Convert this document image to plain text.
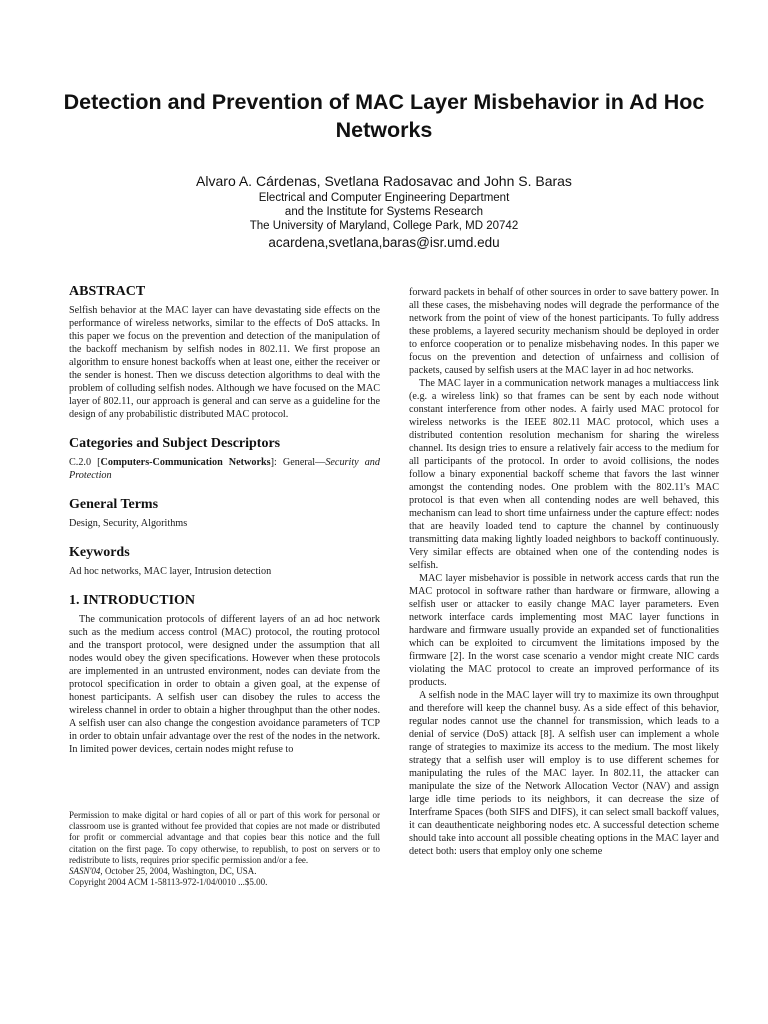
Detection and Prevention of MAC Layer Misbehavior in Ad Hoc Networks
Alvaro A. Cárdenas, Svetlana Radosavac and John S. Baras
Electrical and Computer Engineering Department
and the Institute for Systems Research
The University of Maryland, College Park, MD 20742
acardena,svetlana,baras@isr.umd.edu
ABSTRACT

Selfish behavior at the MAC layer can have devastating side effects on the performance of wireless networks, similar to the effects of DoS attacks. In this paper we focus on the prevention and detection of the manipulation of the backoff mechanism by selfish nodes in 802.11. We first propose an algorithm to ensure honest backoffs when at least one, either the receiver or the sender is honest. Then we discuss detection algorithms to deal with the problem of colluding selfish nodes. Although we have focused on the MAC layer of 802.11, our approach is general and can serve as a guideline for the design of any probabilistic distributed MAC protocol.

Categories and Subject Descriptors

C.2.0 [Computers-Communication Networks]: General—Security and Protection

General Terms

Design, Security, Algorithms

Keywords

Ad hoc networks, MAC layer, Intrusion detection

1. INTRODUCTION

The communication protocols of different layers of an ad hoc network such as the medium access control (MAC) protocol, the routing protocol and the transport protocol, were designed under the assumption that all nodes would obey the given specifications. However when these protocols are implemented in an untrusted environment, nodes can deviate from the protocol specification in order to obtain a given goal, at the expense of honest participants. A selfish user can disobey the rules to access the wireless channel in order to obtain a higher throughput than the other nodes. A selfish user can also change the congestion avoidance parameters of TCP in order to obtain unfair advantage over the rest of the nodes in the network. In limited power devices, certain nodes might refuse to

Permission to make digital or hard copies of all or part of this work for personal or classroom use is granted without fee provided that copies are not made or distributed for profit or commercial advantage and that copies bear this notice and the full citation on the first page. To copy otherwise, to republish, to post on servers or to redistribute to lists, requires prior specific permission and/or a fee.

SASN'04, October 25, 2004, Washington, DC, USA.

Copyright 2004 ACM 1-58113-972-1/04/0010 ...$5.00.

forward packets in behalf of other sources in order to save battery power. In all these cases, the misbehaving nodes will degrade the performance of the network from the point of view of the honest participants. To fully address these problems, a layered security mechanism should be deployed in order to enforce cooperation or to penalize misbehaving nodes. In this paper we focus on the prevention and detection of unfairness and collision of packets, caused by selfish users at the MAC layer in ad hoc networks.

The MAC layer in a communication network manages a multiaccess link (e.g. a wireless link) so that frames can be sent by each node without constant interference from other nodes. A fairly used MAC protocol for wireless networks is the IEEE 802.11 MAC protocol, which uses a distributed contention resolution mechanism for sharing the wireless channel. Its design tries to ensure a relatively fair access to the medium for all participants of the protocol. In order to avoid collisions, the nodes follow a binary exponential backoff scheme that favors the last winner amongst the contending nodes. One problem with the 802.11's MAC protocol is that even when all contending nodes are well behaved, this mechanism can lead to short time unfairness under the capture effect: nodes that are heavily loaded tend to capture the channel by continuously transmitting data making lightly loaded neighbors to backoff continuously. Very similar effects are obtained when one of the contending nodes is selfish.

MAC layer misbehavior is possible in network access cards that run the MAC protocol in software rather than hardware or firmware, allowing a selfish user or attacker to easily change MAC layer parameters. Even network interface cards implementing most MAC layer functions in hardware and firmware usually provide an expanded set of functionalities which can be exploited to circumvent the limitations imposed by the firmware [2]. In the worst case scenario a vendor might create NIC cards violating the MAC protocol to create an improved performance of its products.

A selfish node in the MAC layer will try to maximize its own throughput and therefore will keep the channel busy. As a side effect of this behavior, regular nodes cannot use the channel for transmission, which leads to a denial of service (DoS) attack [8]. A selfish user can implement a whole range of strategies to maximize its access to the medium. The most likely strategy that a selfish user will employ is to use different schemes for manipulating the rules of the MAC layer. In 802.11, the attacker can manipulate the size of the Network Allocation Vector (NAV) and assign large idle time periods to its neighbors, it can decrease the size of Interframe Spaces (both SIFS and DIFS), it can select small backoff values, it can deauthenticate neighboring nodes etc. A successful detection scheme should take into account all possible cheating options in the MAC layer and detect both: users that employ only one scheme
